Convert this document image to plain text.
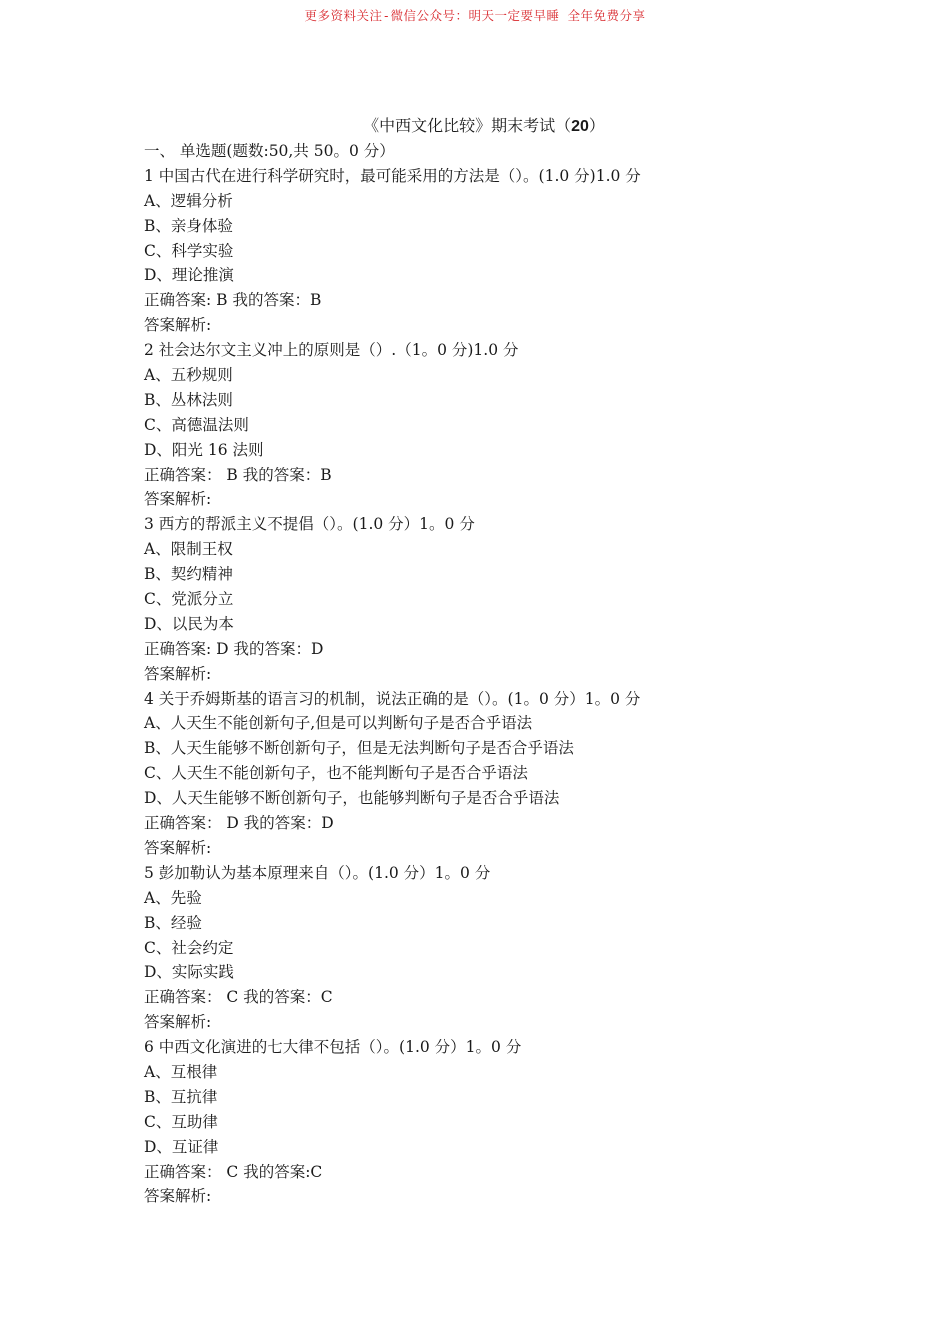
更多资料关注-微信公众号：明天一定要早睡 全年免费分享
《中西文化比较》期末考试（20）
一、 单选题(题数:50,共 50。0 分）
1 中国古代在进行科学研究时，最可能采用的方法是（）。(1.0 分)1.0 分
A、逻辑分析
B、亲身体验
C、科学实验
D、理论推演
正确答案: B 我的答案：B
答案解析:
2 社会达尔文主义冲上的原则是（）.（1。0 分)1.0 分
A、五秒规则
B、丛林法则
C、高德温法则
D、阳光 16 法则
正确答案： B 我的答案：B
答案解析:
3 西方的帮派主义不提倡（）。(1.0 分）1。0 分
A、限制王权
B、契约精神
C、党派分立
D、以民为本
正确答案: D 我的答案：D
答案解析:
4 关于乔姆斯基的语言习的机制，说法正确的是（）。(1。0 分）1。0 分
A、人天生不能创新句子,但是可以判断句子是否合乎语法
B、人天生能够不断创新句子，但是无法判断句子是否合乎语法
C、人天生不能创新句子，也不能判断句子是否合乎语法
D、人天生能够不断创新句子，也能够判断句子是否合乎语法
正确答案： D 我的答案：D
答案解析:
5 彭加勒认为基本原理来自（）。(1.0 分）1。0 分
A、先验
B、经验
C、社会约定
D、实际实践
正确答案： C 我的答案：C
答案解析:
6 中西文化演进的七大律不包括（）。(1.0 分）1。0 分
A、互根律
B、互抗律
C、互助律
D、互证律
正确答案： C 我的答案:C
答案解析:
